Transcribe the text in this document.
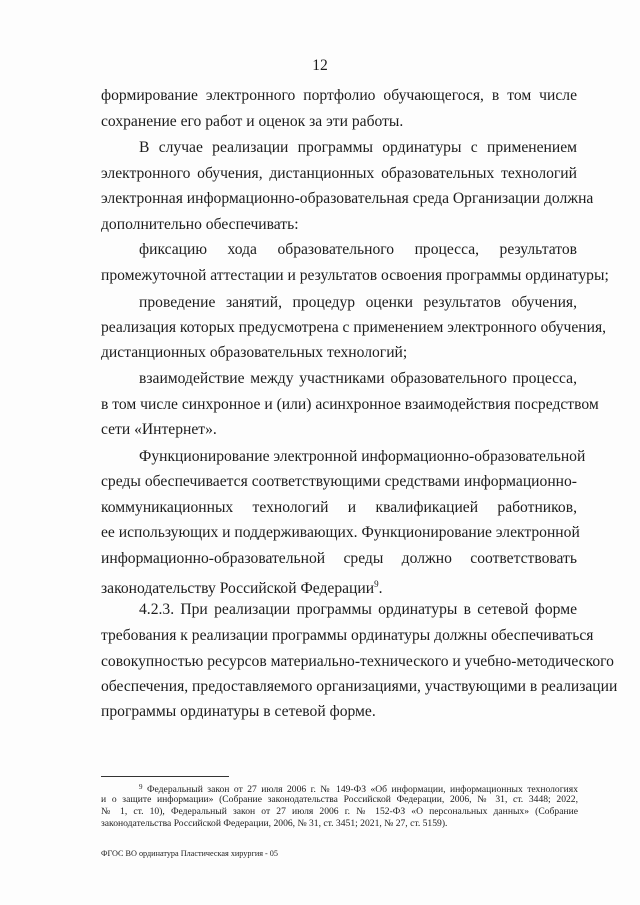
12
формирование электронного портфолио обучающегося, в том числе
сохранение его работ и оценок за эти работы.
В случае реализации программы ординатуры с применением
электронного обучения, дистанционных образовательных технологий
электронная информационно-образовательная среда Организации должна
дополнительно обеспечивать:
фиксацию хода образовательного процесса, результатов
промежуточной аттестации и результатов освоения программы ординатуры;
проведение занятий, процедур оценки результатов обучения,
реализация которых предусмотрена с применением электронного обучения,
дистанционных образовательных технологий;
взаимодействие между участниками образовательного процесса,
в том числе синхронное и (или) асинхронное взаимодействия посредством
сети «Интернет».
Функционирование электронной информационно-образовательной
среды обеспечивается соответствующими средствами информационно-
коммуникационных технологий и квалификацией работников,
ее использующих и поддерживающих. Функционирование электронной
информационно-образовательной среды должно соответствовать
законодательству Российской Федерации$^9$.
4.2.3. При реализации программы ординатуры в сетевой форме
требования к реализации программы ординатуры должны обеспечиваться
совокупностью ресурсов материально-технического и учебно-методического
обеспечения, предоставляемого организациями, участвующими в реализации
программы ординатуры в сетевой форме.
$^9$ Федеральный закон от 27 июля 2006 г. № 149-ФЗ «Об информации, информационных технологиях
и о защите информации» (Собрание законодательства Российской Федерации, 2006, № 31, ст. 3448; 2022,
№ 1, ст. 10), Федеральный закон от 27 июля 2006 г. № 152-ФЗ «О персональных данных» (Собрание
законодательства Российской Федерации, 2006, № 31, ст. 3451; 2021, № 27, ст. 5159).
ФГОС ВО ординатура Пластическая хирургия - 05
